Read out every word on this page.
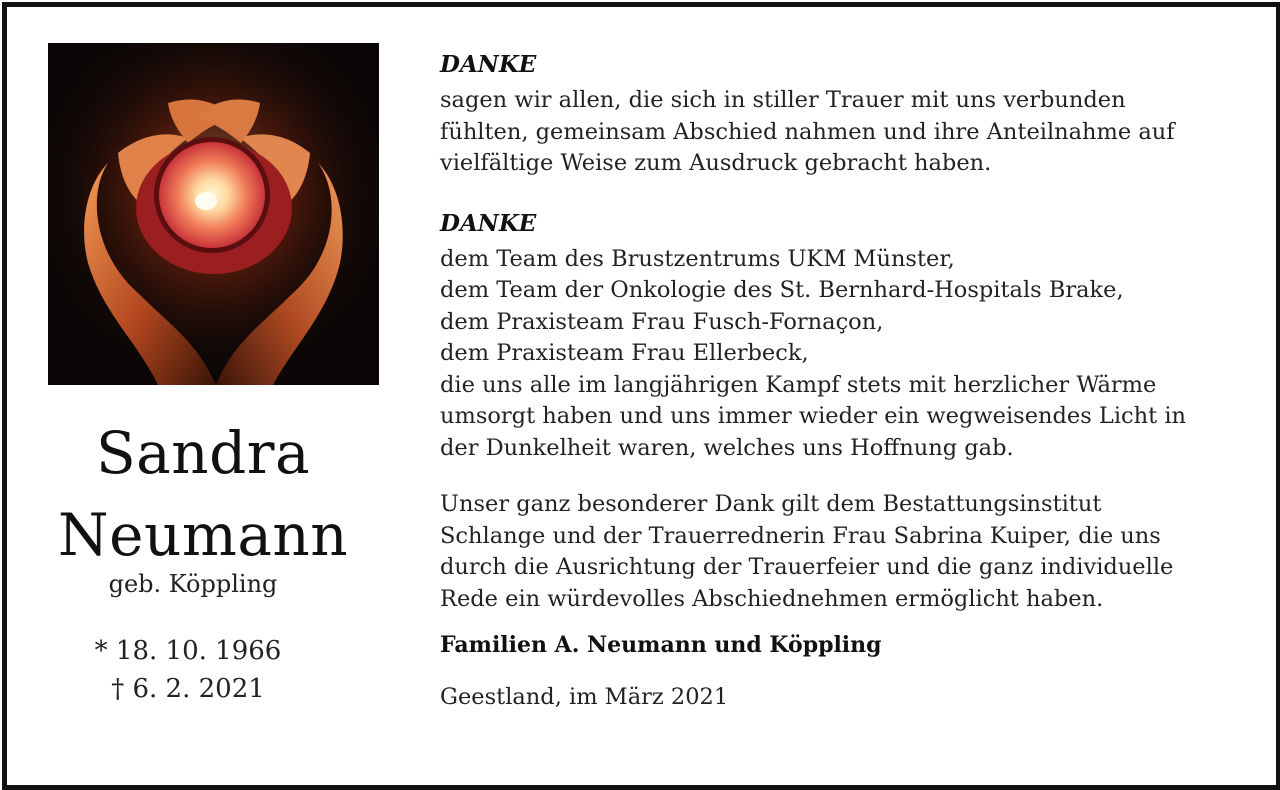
Sandra
Neumann
geb. Köppling
* 18. 10. 1966
† 6. 2. 2021
DANKE

sagen wir allen, die sich in stiller Trauer mit uns verbunden
fühlten, gemeinsam Abschied nahmen und ihre Anteilnahme auf
vielfältige Weise zum Ausdruck gebracht haben.

DANKE

dem Team des Brustzentrums UKM Münster,
dem Team der Onkologie des St. Bernhard-Hospitals Brake,
dem Praxisteam Frau Fusch-Fornaçon,
dem Praxisteam Frau Ellerbeck,
die uns alle im langjährigen Kampf stets mit herzlicher Wärme
umsorgt haben und uns immer wieder ein wegweisendes Licht in
der Dunkelheit waren, welches uns Hoffnung gab.

Unser ganz besonderer Dank gilt dem Bestattungsinstitut
Schlange und der Trauerrednerin Frau Sabrina Kuiper, die uns
durch die Ausrichtung der Trauerfeier und die ganz individuelle
Rede ein würdevolles Abschiednehmen ermöglicht haben.

Familien A. Neumann und Köppling

Geestland, im März 2021
